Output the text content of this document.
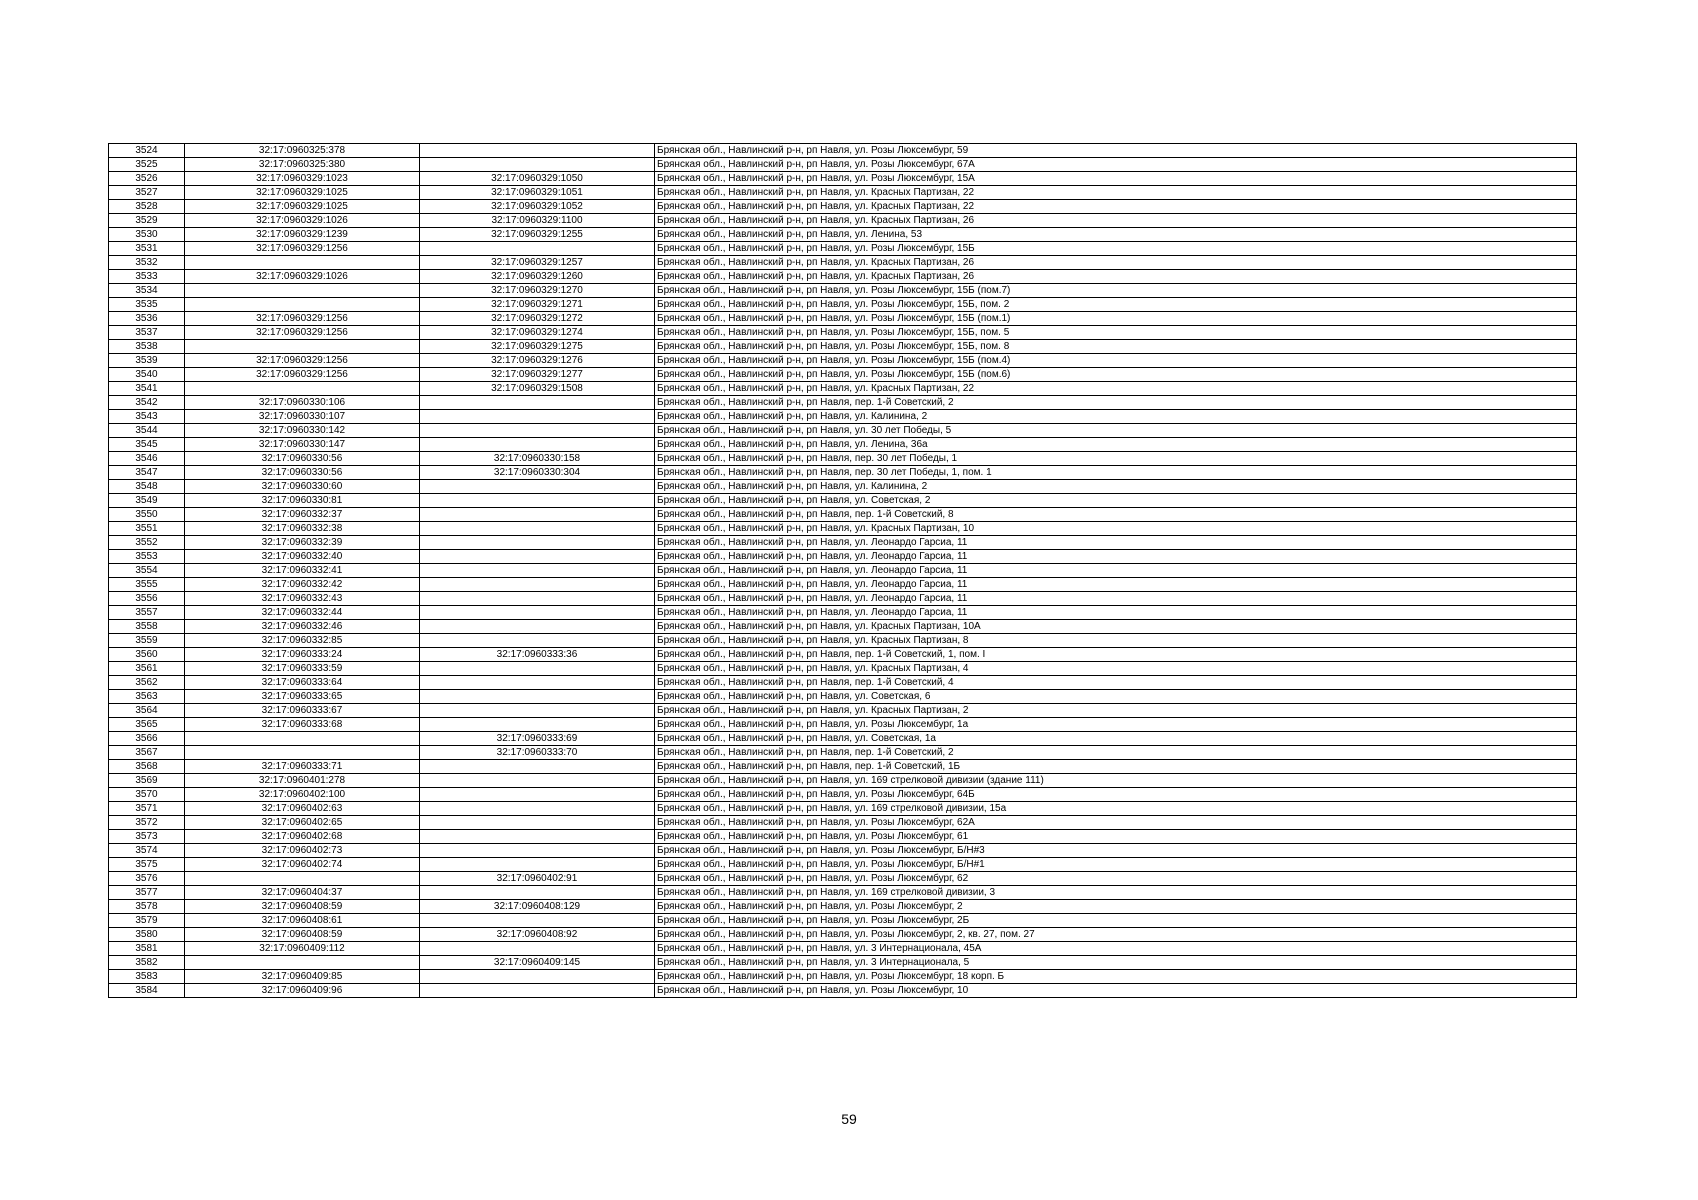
3524	32:17:0960325:378		Брянская обл., Навлинский р-н, рп Навля, ул. Розы Люксембург, 59
3525	32:17:0960325:380		Брянская обл., Навлинский р-н, рп Навля, ул. Розы Люксембург, 67А
3526	32:17:0960329:1023	32:17:0960329:1050	Брянская обл., Навлинский р-н, рп Навля, ул. Розы Люксембург, 15А
3527	32:17:0960329:1025	32:17:0960329:1051	Брянская обл., Навлинский р-н, рп Навля, ул. Красных Партизан, 22
3528	32:17:0960329:1025	32:17:0960329:1052	Брянская обл., Навлинский р-н, рп Навля, ул. Красных Партизан, 22
3529	32:17:0960329:1026	32:17:0960329:1100	Брянская обл., Навлинский р-н, рп Навля, ул. Красных Партизан, 26
3530	32:17:0960329:1239	32:17:0960329:1255	Брянская обл., Навлинский р-н, рп Навля, ул. Ленина, 53
3531	32:17:0960329:1256		Брянская обл., Навлинский р-н, рп Навля, ул. Розы Люксембург, 15Б
3532		32:17:0960329:1257	Брянская обл., Навлинский р-н, рп Навля, ул. Красных Партизан, 26
3533	32:17:0960329:1026	32:17:0960329:1260	Брянская обл., Навлинский р-н, рп Навля, ул. Красных Партизан, 26
3534		32:17:0960329:1270	Брянская обл., Навлинский р-н, рп Навля, ул. Розы Люксембург, 15Б (пом.7)
3535		32:17:0960329:1271	Брянская обл., Навлинский р-н, рп Навля, ул. Розы Люксембург, 15Б, пом. 2
3536	32:17:0960329:1256	32:17:0960329:1272	Брянская обл., Навлинский р-н, рп Навля, ул. Розы Люксембург, 15Б (пом.1)
3537	32:17:0960329:1256	32:17:0960329:1274	Брянская обл., Навлинский р-н, рп Навля, ул. Розы Люксембург, 15Б, пом. 5
3538		32:17:0960329:1275	Брянская обл., Навлинский р-н, рп Навля, ул. Розы Люксембург, 15Б, пом. 8
3539	32:17:0960329:1256	32:17:0960329:1276	Брянская обл., Навлинский р-н, рп Навля, ул. Розы Люксембург, 15Б (пом.4)
3540	32:17:0960329:1256	32:17:0960329:1277	Брянская обл., Навлинский р-н, рп Навля, ул. Розы Люксембург, 15Б (пом.6)
3541		32:17:0960329:1508	Брянская обл., Навлинский р-н, рп Навля, ул. Красных Партизан, 22
3542	32:17:0960330:106		Брянская обл., Навлинский р-н, рп Навля, пер. 1-й Советский, 2
3543	32:17:0960330:107		Брянская обл., Навлинский р-н, рп Навля, ул. Калинина, 2
3544	32:17:0960330:142		Брянская обл., Навлинский р-н, рп Навля, ул. 30 лет Победы, 5
3545	32:17:0960330:147		Брянская обл., Навлинский р-н, рп Навля, ул. Ленина, 36а
3546	32:17:0960330:56	32:17:0960330:158	Брянская обл., Навлинский р-н, рп Навля, пер. 30 лет Победы, 1
3547	32:17:0960330:56	32:17:0960330:304	Брянская обл., Навлинский р-н, рп Навля, пер. 30 лет Победы, 1, пом. 1
3548	32:17:0960330:60		Брянская обл., Навлинский р-н, рп Навля, ул. Калинина, 2
3549	32:17:0960330:81		Брянская обл., Навлинский р-н, рп Навля, ул. Советская, 2
3550	32:17:0960332:37		Брянская обл., Навлинский р-н, рп Навля, пер. 1-й Советский, 8
3551	32:17:0960332:38		Брянская обл., Навлинский р-н, рп Навля, ул. Красных Партизан, 10
3552	32:17:0960332:39		Брянская обл., Навлинский р-н, рп Навля, ул. Леонардо Гарсиа, 11
3553	32:17:0960332:40		Брянская обл., Навлинский р-н, рп Навля, ул. Леонардо Гарсиа, 11
3554	32:17:0960332:41		Брянская обл., Навлинский р-н, рп Навля, ул. Леонардо Гарсиа, 11
3555	32:17:0960332:42		Брянская обл., Навлинский р-н, рп Навля, ул. Леонардо Гарсиа, 11
3556	32:17:0960332:43		Брянская обл., Навлинский р-н, рп Навля, ул. Леонардо Гарсиа, 11
3557	32:17:0960332:44		Брянская обл., Навлинский р-н, рп Навля, ул. Леонардо Гарсиа, 11
3558	32:17:0960332:46		Брянская обл., Навлинский р-н, рп Навля, ул. Красных Партизан, 10А
3559	32:17:0960332:85		Брянская обл., Навлинский р-н, рп Навля, ул. Красных Партизан, 8
3560	32:17:0960333:24	32:17:0960333:36	Брянская обл., Навлинский р-н, рп Навля, пер. 1-й Советский, 1, пом. I
3561	32:17:0960333:59		Брянская обл., Навлинский р-н, рп Навля, ул. Красных Партизан, 4
3562	32:17:0960333:64		Брянская обл., Навлинский р-н, рп Навля, пер. 1-й Советский, 4
3563	32:17:0960333:65		Брянская обл., Навлинский р-н, рп Навля, ул. Советская, 6
3564	32:17:0960333:67		Брянская обл., Навлинский р-н, рп Навля, ул. Красных Партизан, 2
3565	32:17:0960333:68		Брянская обл., Навлинский р-н, рп Навля, ул. Розы Люксембург, 1а
3566		32:17:0960333:69	Брянская обл., Навлинский р-н, рп Навля, ул. Советская, 1а
3567		32:17:0960333:70	Брянская обл., Навлинский р-н, рп Навля, пер. 1-й Советский, 2
3568	32:17:0960333:71		Брянская обл., Навлинский р-н, рп Навля, пер. 1-й Советский, 1Б
3569	32:17:0960401:278		Брянская обл., Навлинский р-н, рп Навля, ул. 169 стрелковой дивизии (здание 111)
3570	32:17:0960402:100		Брянская обл., Навлинский р-н, рп Навля, ул. Розы Люксембург, 64Б
3571	32:17:0960402:63		Брянская обл., Навлинский р-н, рп Навля, ул. 169 стрелковой дивизии, 15а
3572	32:17:0960402:65		Брянская обл., Навлинский р-н, рп Навля, ул. Розы Люксембург, 62А
3573	32:17:0960402:68		Брянская обл., Навлинский р-н, рп Навля, ул. Розы Люксембург, 61
3574	32:17:0960402:73		Брянская обл., Навлинский р-н, рп Навля, ул. Розы Люксембург, Б/Н#3
3575	32:17:0960402:74		Брянская обл., Навлинский р-н, рп Навля, ул. Розы Люксембург, Б/Н#1
3576		32:17:0960402:91	Брянская обл., Навлинский р-н, рп Навля, ул. Розы Люксембург, 62
3577	32:17:0960404:37		Брянская обл., Навлинский р-н, рп Навля, ул. 169 стрелковой дивизии, 3
3578	32:17:0960408:59	32:17:0960408:129	Брянская обл., Навлинский р-н, рп Навля, ул. Розы Люксембург, 2
3579	32:17:0960408:61		Брянская обл., Навлинский р-н, рп Навля, ул. Розы Люксембург, 2Б
3580	32:17:0960408:59	32:17:0960408:92	Брянская обл., Навлинский р-н, рп Навля, ул. Розы Люксембург, 2, кв. 27, пом. 27
3581	32:17:0960409:112		Брянская обл., Навлинский р-н, рп Навля, ул. 3 Интернационала, 45А
3582		32:17:0960409:145	Брянская обл., Навлинский р-н, рп Навля, ул. 3 Интернационала, 5
3583	32:17:0960409:85		Брянская обл., Навлинский р-н, рп Навля, ул. Розы Люксембург, 18 корп. Б
3584	32:17:0960409:96		Брянская обл., Навлинский р-н, рп Навля, ул. Розы Люксембург, 10
59
